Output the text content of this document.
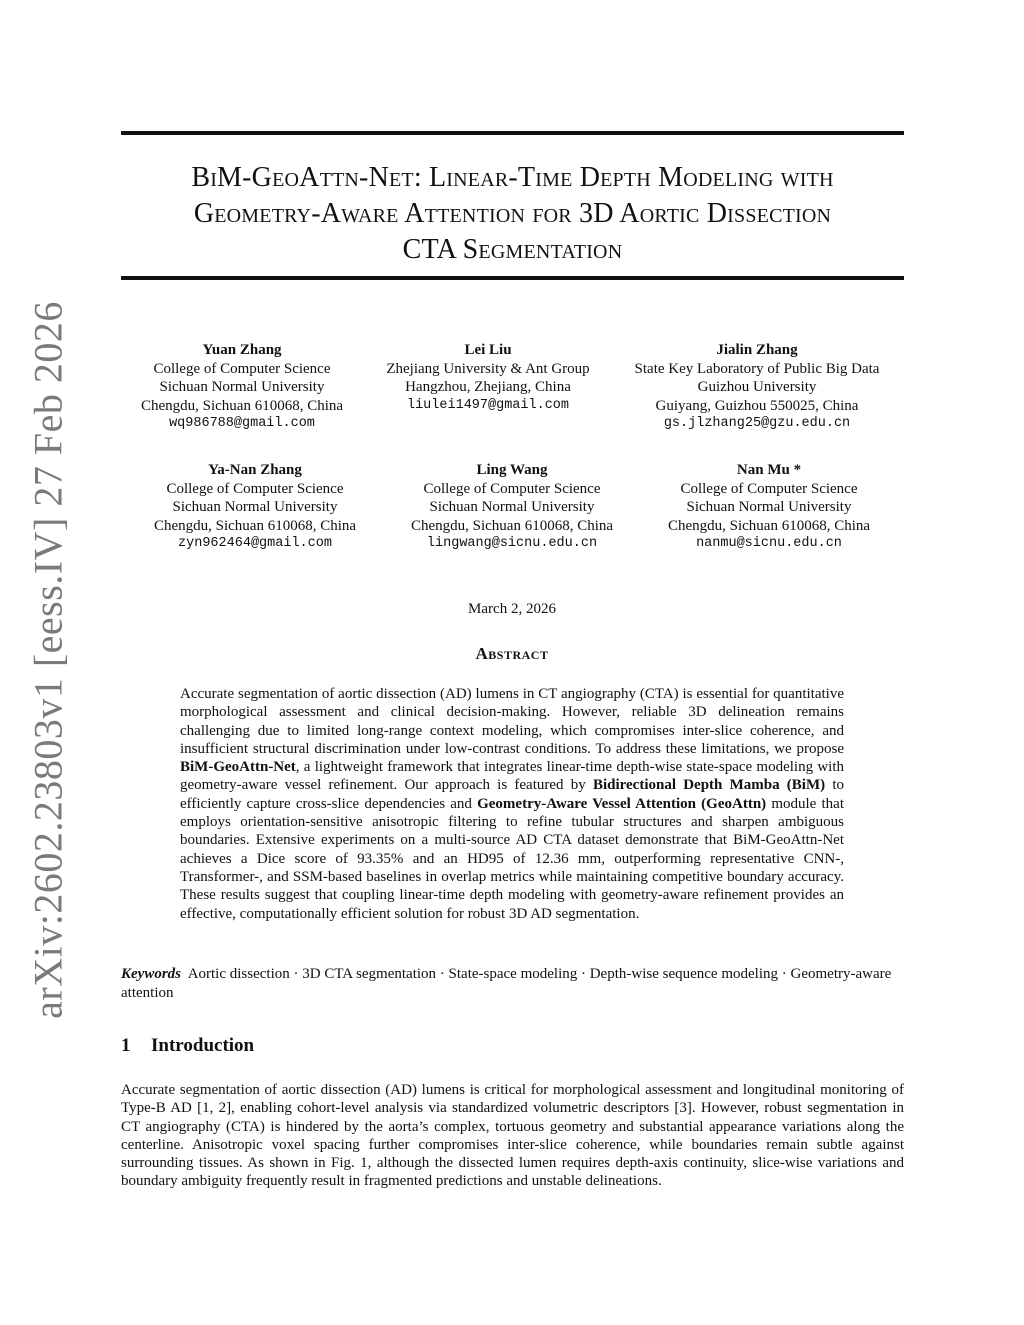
arXiv:2602.23803v1 [eess.IV] 27 Feb 2026
BiM-GeoAttn-Net: Linear-Time Depth Modeling with
Geometry-Aware Attention for 3D Aortic Dissection
CTA Segmentation
Yuan Zhang
College of Computer Science
Sichuan Normal University
Chengdu, Sichuan 610068, China
wq986788@gmail.com
Lei Liu
Zhejiang University & Ant Group
Hangzhou, Zhejiang, China
liulei1497@gmail.com
Jialin Zhang
State Key Laboratory of Public Big Data
Guizhou University
Guiyang, Guizhou 550025, China
gs.jlzhang25@gzu.edu.cn
Ya-Nan Zhang
College of Computer Science
Sichuan Normal University
Chengdu, Sichuan 610068, China
zyn962464@gmail.com
Ling Wang
College of Computer Science
Sichuan Normal University
Chengdu, Sichuan 610068, China
lingwang@sicnu.edu.cn
Nan Mu *
College of Computer Science
Sichuan Normal University
Chengdu, Sichuan 610068, China
nanmu@sicnu.edu.cn
March 2, 2026
Abstract
Accurate segmentation of aortic dissection (AD) lumens in CT angiography (CTA) is essential for quantitative morphological assessment and clinical decision-making. However, reliable 3D delineation remains challenging due to limited long-range context modeling, which compromises inter-slice coherence, and insufficient structural discrimination under low-contrast conditions. To address these limitations, we propose BiM-GeoAttn-Net, a lightweight framework that integrates linear-time depth-wise state-space modeling with geometry-aware vessel refinement. Our approach is featured by Bidirectional Depth Mamba (BiM) to efficiently capture cross-slice dependencies and Geometry-Aware Vessel Attention (GeoAttn) module that employs orientation-sensitive anisotropic filtering to refine tubular structures and sharpen ambiguous boundaries. Extensive experiments on a multi-source AD CTA dataset demonstrate that BiM-GeoAttn-Net achieves a Dice score of 93.35% and an HD95 of 12.36 mm, outperforming representative CNN-, Transformer-, and SSM-based baselines in overlap metrics while maintaining competitive boundary accuracy. These results suggest that coupling linear-time depth modeling with geometry-aware refinement provides an effective, computationally efficient solution for robust 3D AD segmentation.
Keywords Aortic dissection · 3D CTA segmentation · State-space modeling · Depth-wise sequence modeling · Geometry-aware attention
1 Introduction
Accurate segmentation of aortic dissection (AD) lumens is critical for morphological assessment and longitudinal monitoring of Type-B AD [1, 2], enabling cohort-level analysis via standardized volumetric descriptors [3]. However, robust segmentation in CT angiography (CTA) is hindered by the aorta’s complex, tortuous geometry and substantial appearance variations along the centerline. Anisotropic voxel spacing further compromises inter-slice coherence, while boundaries remain subtle against surrounding tissues. As shown in Fig. 1, although the dissected lumen requires depth-axis continuity, slice-wise variations and boundary ambiguity frequently result in fragmented predictions and unstable delineations.
